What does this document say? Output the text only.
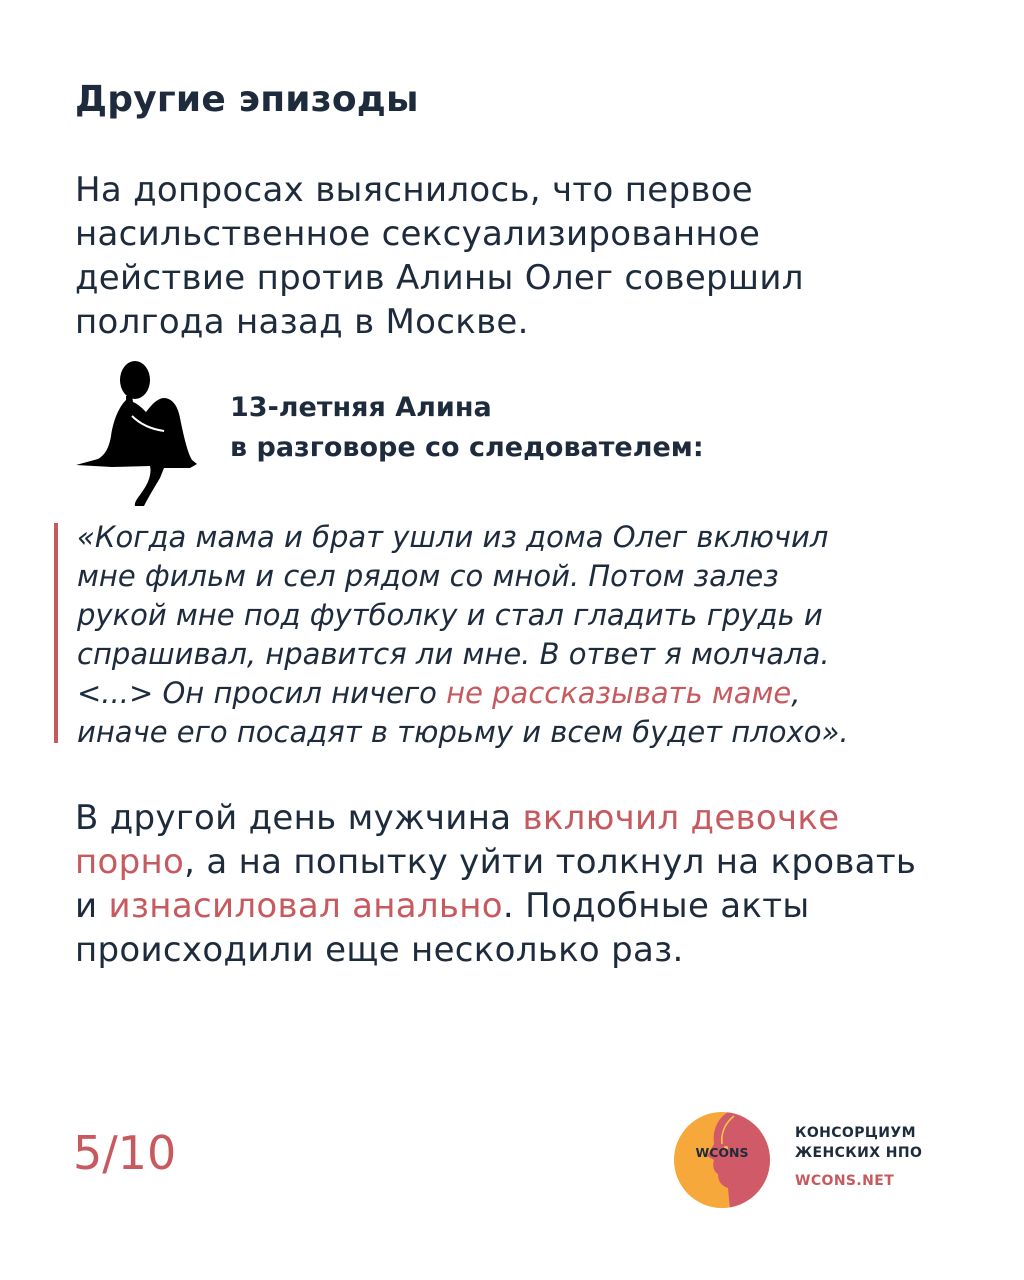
Другие эпизоды
На допросах выяснилось, что первое
насильственное сексуализированное
действие против Алины Олег совершил
полгода назад в Москве.
13-летняя Алина
в разговоре со следователем:
«Когда мама и брат ушли из дома Олег включил
мне фильм и сел рядом со мной. Потом залез
рукой мне под футболку и стал гладить грудь и
спрашивал, нравится ли мне. В ответ я молчала.
<...> Он просил ничего не рассказывать маме,
иначе его посадят в тюрьму и всем будет плохо».
В другой день мужчина включил девочке
порно, а на попытку уйти толкнул на кровать
и изнасиловал анально. Подобные акты
происходили еще несколько раз.
5/10	WCONS
КОНСОРЦИУМ
ЖЕНСКИХ НПО
WCONS.NET
